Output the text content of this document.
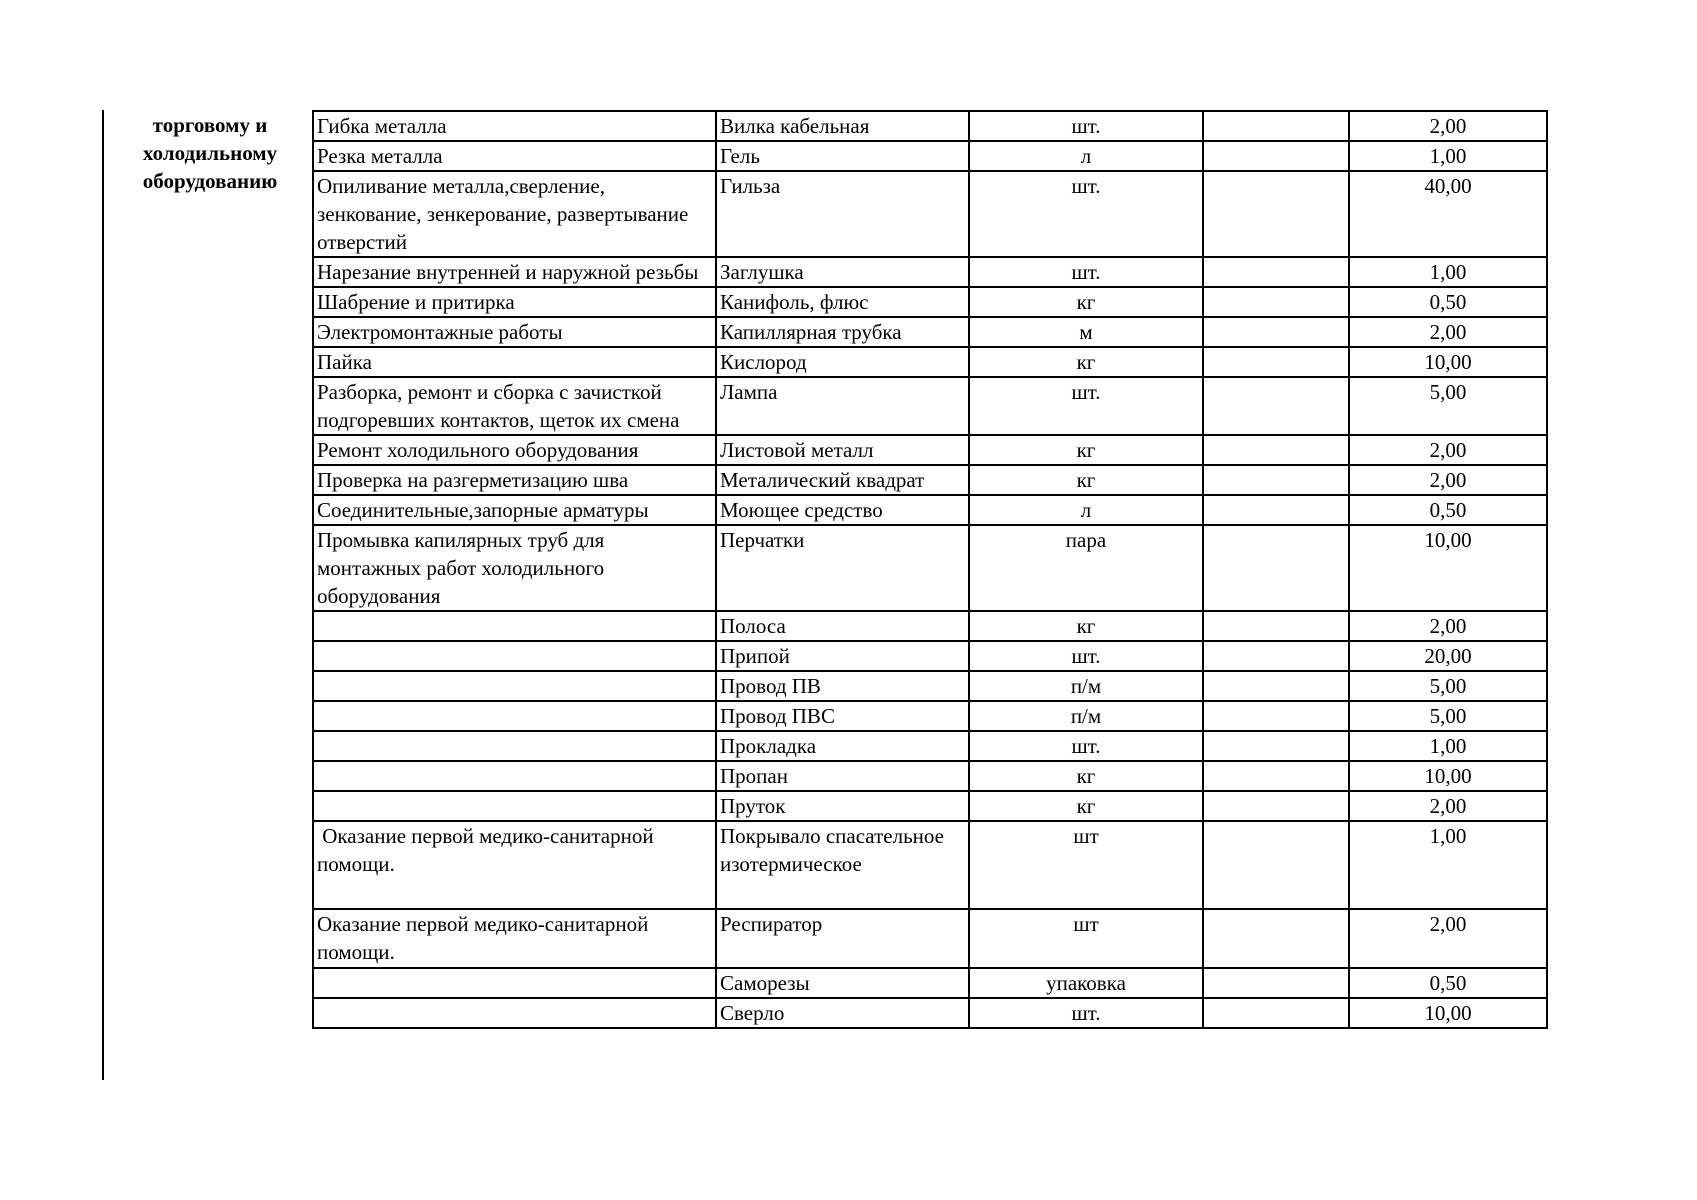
торговому и
холодильному
оборудованию
Гибка металла	Вилка кабельная	шт.		2,00
Резка металла	Гель	л		1,00
Опиливание металла,сверление, зенкование, зенкерование, развертывание отверстий	Гильза	шт.		40,00
Нарезание внутренней и наружной резьбы	Заглушка	шт.		1,00
Шабрение и притирка	Канифоль, флюс	кг		0,50
Электромонтажные работы	Капиллярная трубка	м		2,00
Пайка	Кислород	кг		10,00
Разборка, ремонт и сборка с зачисткой подгоревших контактов, щеток их смена	Лампа	шт.		5,00
Ремонт холодильного оборудования	Листовой металл	кг		2,00
Проверка на разгерметизацию шва	Металический квадрат	кг		2,00
Соединительные,запорные арматуры	Моющее средство	л		0,50
Промывка капилярных труб для монтажных работ холодильного оборудования	Перчатки	пара		10,00
	Полоса	кг		2,00
	Припой	шт.		20,00
	Провод ПВ	п/м		5,00
	Провод ПВС	п/м		5,00
	Прокладка	шт.		1,00
	Пропан	кг		10,00
	Пруток	кг		2,00
Оказание первой медико-санитарной помощи.	Покрывало спасательное изотермическое	шт		1,00
Оказание первой медико-санитарной помощи.	Респиратор	шт		2,00
	Саморезы	упаковка		0,50
	Сверло	шт.		10,00
